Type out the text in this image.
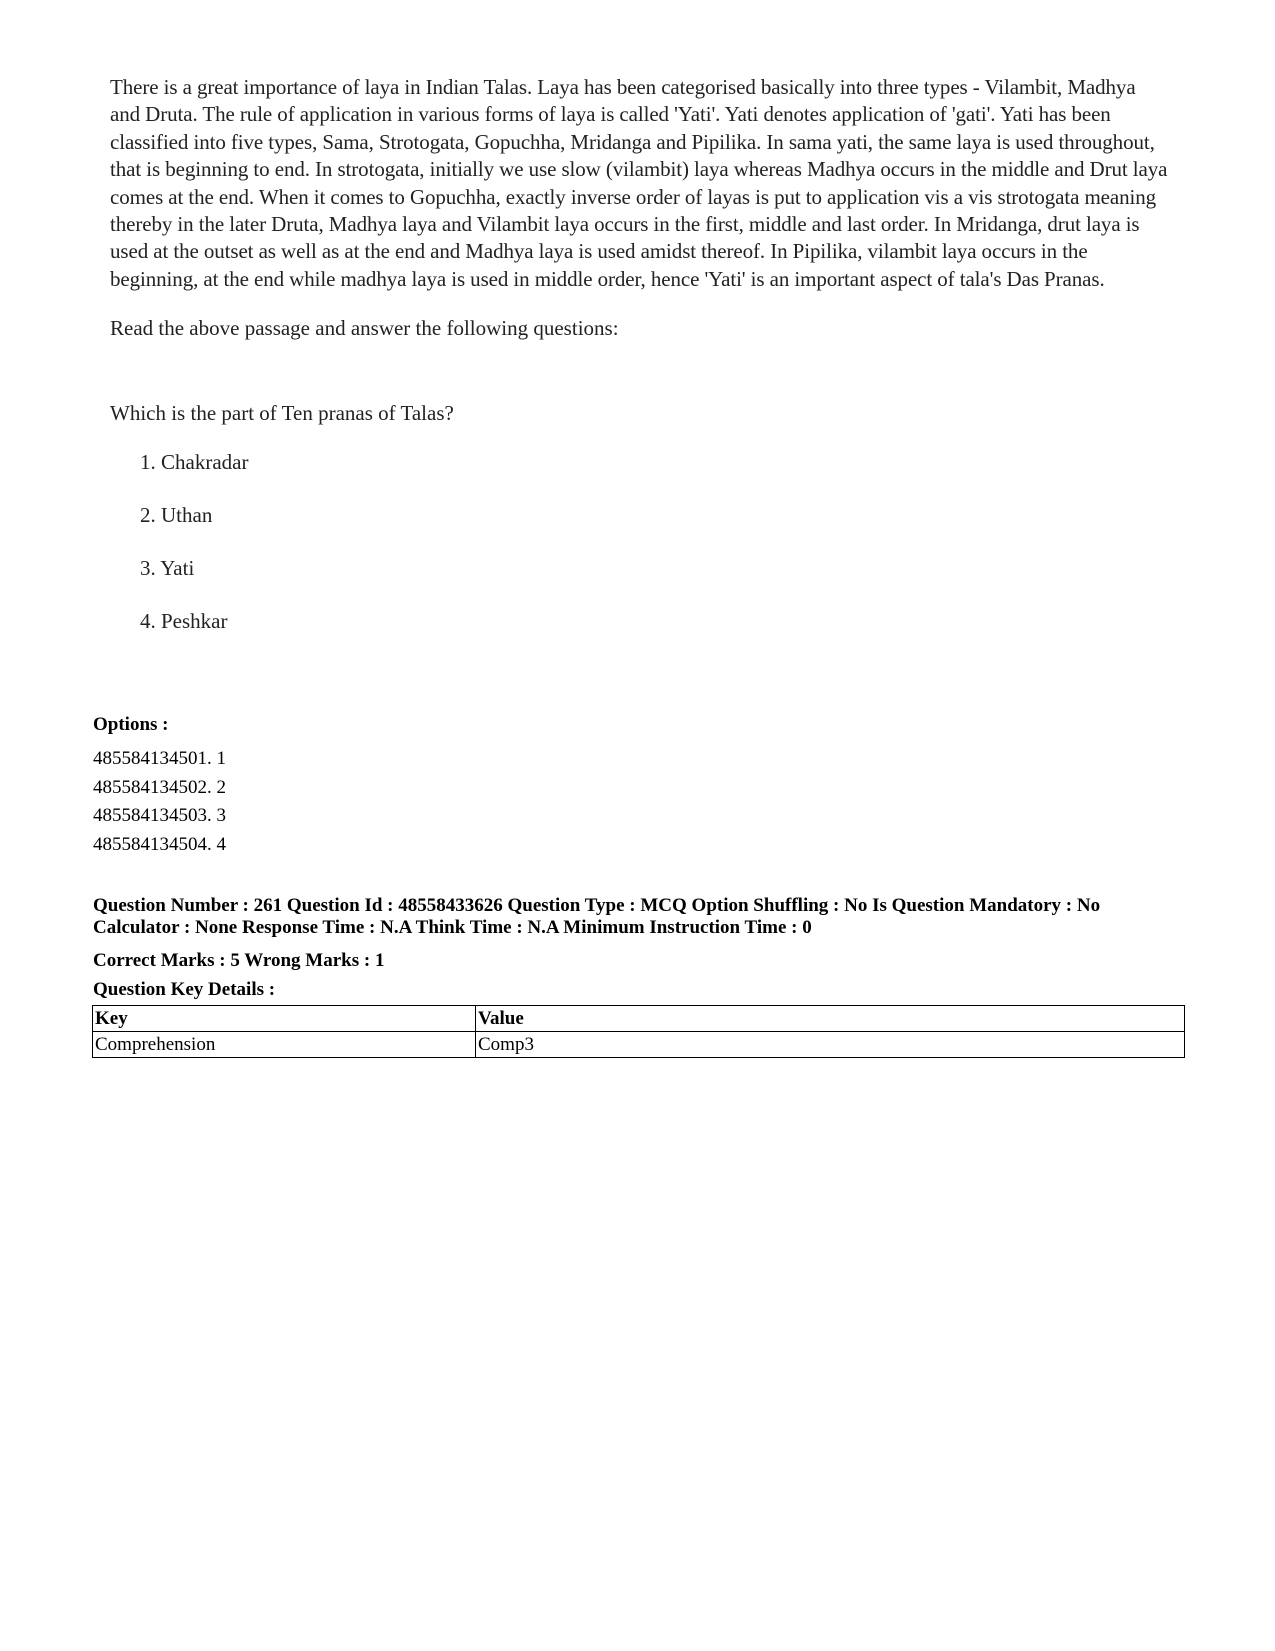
There is a great importance of laya in Indian Talas. Laya has been categorised basically into three types - Vilambit, Madhya and Druta. The rule of application in various forms of laya is called 'Yati'. Yati denotes application of 'gati'. Yati has been classified into five types, Sama, Strotogata, Gopuchha, Mridanga and Pipilika. In sama yati, the same laya is used throughout, that is beginning to end. In strotogata, initially we use slow (vilambit) laya whereas Madhya occurs in the middle and Drut laya comes at the end. When it comes to Gopuchha, exactly inverse order of layas is put to application vis a vis strotogata meaning thereby in the later Druta, Madhya laya and Vilambit laya occurs in the first, middle and last order. In Mridanga, drut laya is used at the outset as well as at the end and Madhya laya is used amidst thereof. In Pipilika, vilambit laya occurs in the beginning, at the end while madhya laya is used in middle order, hence 'Yati' is an important aspect of tala's Das Pranas.

Read the above passage and answer the following questions:

Which is the part of Ten pranas of Talas?

1. Chakradar
2. Uthan
3. Yati
4. Peshkar
Options :
485584134501. 1
485584134502. 2
485584134503. 3
485584134504. 4
Question Number : 261 Question Id : 48558433626 Question Type : MCQ Option Shuffling : No Is Question Mandatory : No Calculator : None Response Time : N.A Think Time : N.A Minimum Instruction Time : 0
Correct Marks : 5 Wrong Marks : 1
Question Key Details :
Key	Value
Comprehension	Comp3
